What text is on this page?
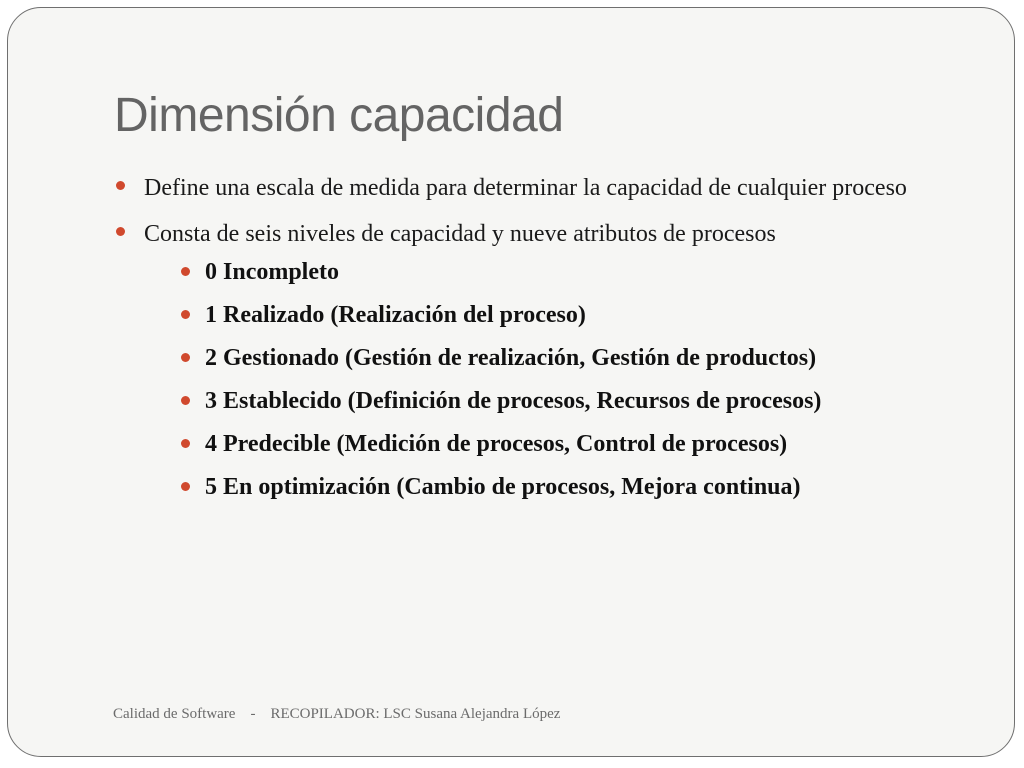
Dimensión capacidad
Define una escala de medida para determinar la capacidad de cualquier proceso
Consta de seis niveles de capacidad y nueve atributos de procesos
0 Incompleto
1 Realizado (Realización del proceso)
2 Gestionado (Gestión de realización, Gestión de productos)
3 Establecido (Definición de procesos, Recursos de procesos)
4 Predecible (Medición de procesos, Control de procesos)
5 En optimización (Cambio de procesos, Mejora continua)
Calidad de Software    -    RECOPILADOR: LSC Susana Alejandra López
